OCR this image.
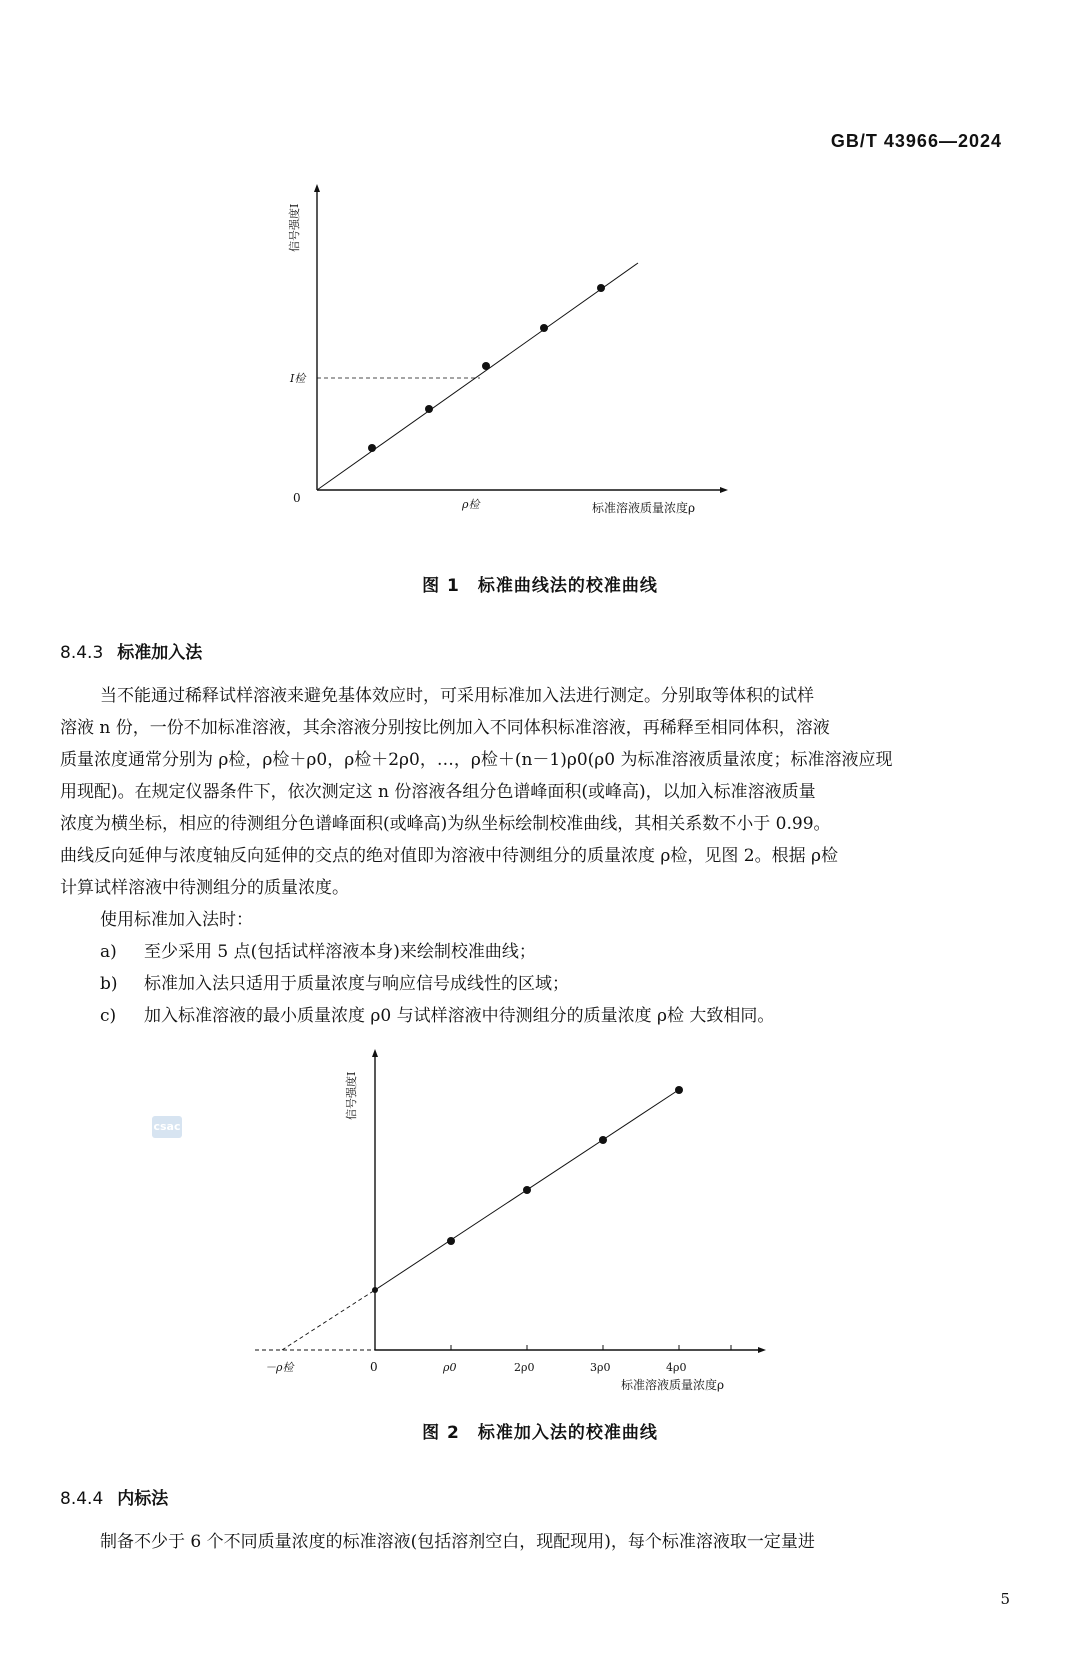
GB/T 43966—2024
信号强度I
I检
0	ρ检	标准溶液质量浓度ρ
图 1　标准曲线法的校准曲线
8.4.3 标准加入法

当不能通过稀释试样溶液来避免基体效应时，可采用标准加入法进行测定。分别取等体积的试样

溶液 n 份，一份不加标准溶液，其余溶液分别按比例加入不同体积标准溶液，再稀释至相同体积，溶液

质量浓度通常分别为 ρ检，ρ检＋ρ0，ρ检＋2ρ0，…，ρ检＋(n－1)ρ0(ρ0 为标准溶液质量浓度；标准溶液应现

用现配)。在规定仪器条件下，依次测定这 n 份溶液各组分色谱峰面积(或峰高)，以加入标准溶液质量

浓度为横坐标，相应的待测组分色谱峰面积(或峰高)为纵坐标绘制校准曲线，其相关系数不小于 0.99。

曲线反向延伸与浓度轴反向延伸的交点的绝对值即为溶液中待测组分的质量浓度 ρ检，见图 2。根据 ρ检

计算试样溶液中待测组分的质量浓度。

使用标准加入法时：

a)	至少采用 5 点(包括试样溶液本身)来绘制校准曲线；
b)	标准加入法只适用于质量浓度与响应信号成线性的区域；
c)	加入标准溶液的最小质量浓度 ρ0 与试样溶液中待测组分的质量浓度 ρ检 大致相同。
csac
信号强度I
－ρ检	0	ρ0	2ρ0	3ρ0	4ρ0
标准溶液质量浓度ρ
图 2　标准加入法的校准曲线
8.4.4 内标法

制备不少于 6 个不同质量浓度的标准溶液(包括溶剂空白，现配现用)，每个标准溶液取一定量进

5
